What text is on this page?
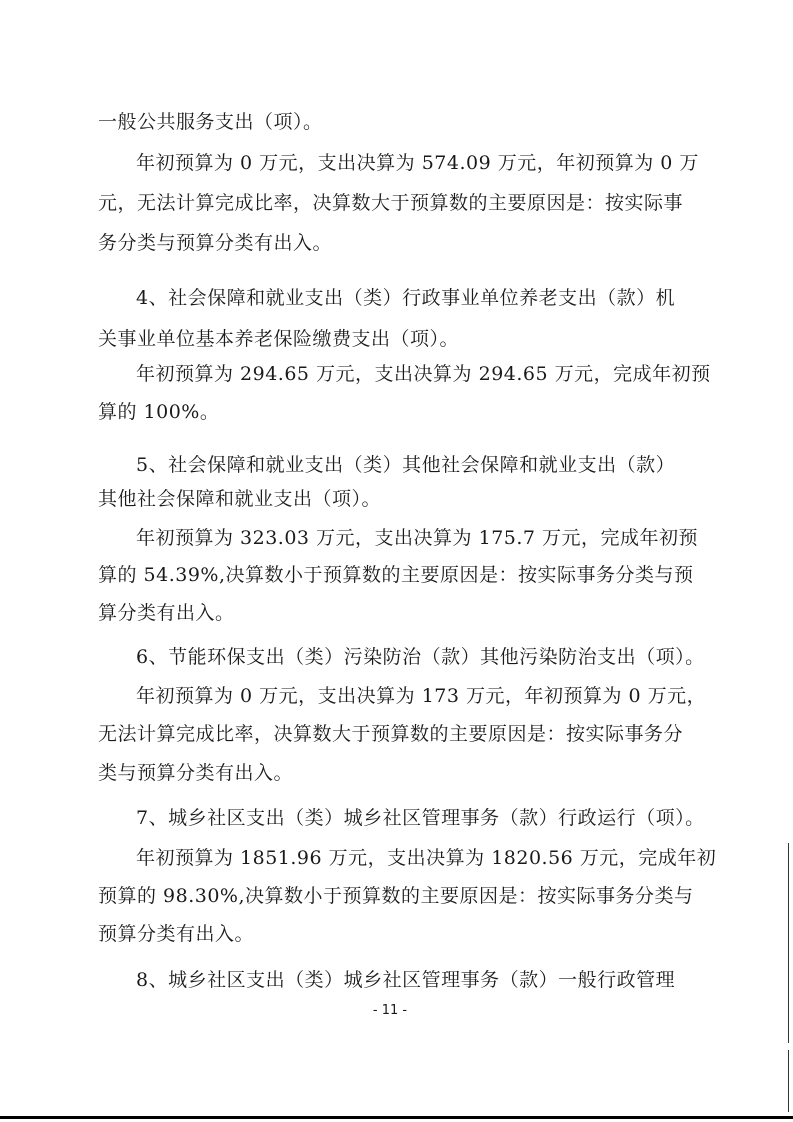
一般公共服务支出（项）。
年初预算为 0 万元，支出决算为 574.09 万元，年初预算为 0 万
元，无法计算完成比率，决算数大于预算数的主要原因是：按实际事
务分类与预算分类有出入。
4、社会保障和就业支出（类）行政事业单位养老支出（款）机
关事业单位基本养老保险缴费支出（项）。
年初预算为 294.65 万元，支出决算为 294.65 万元，完成年初预
算的 100%。
5、社会保障和就业支出（类）其他社会保障和就业支出（款）
其他社会保障和就业支出（项）。
年初预算为 323.03 万元，支出决算为 175.7 万元，完成年初预
算的 54.39%,决算数小于预算数的主要原因是：按实际事务分类与预
算分类有出入。
6、节能环保支出（类）污染防治（款）其他污染防治支出（项）。
年初预算为 0 万元，支出决算为 173 万元，年初预算为 0 万元，
无法计算完成比率，决算数大于预算数的主要原因是：按实际事务分
类与预算分类有出入。
7、城乡社区支出（类）城乡社区管理事务（款）行政运行（项）。
年初预算为 1851.96 万元，支出决算为 1820.56 万元，完成年初
预算的 98.30%,决算数小于预算数的主要原因是：按实际事务分类与
预算分类有出入。
8、城乡社区支出（类）城乡社区管理事务（款）一般行政管理
- 11 -
